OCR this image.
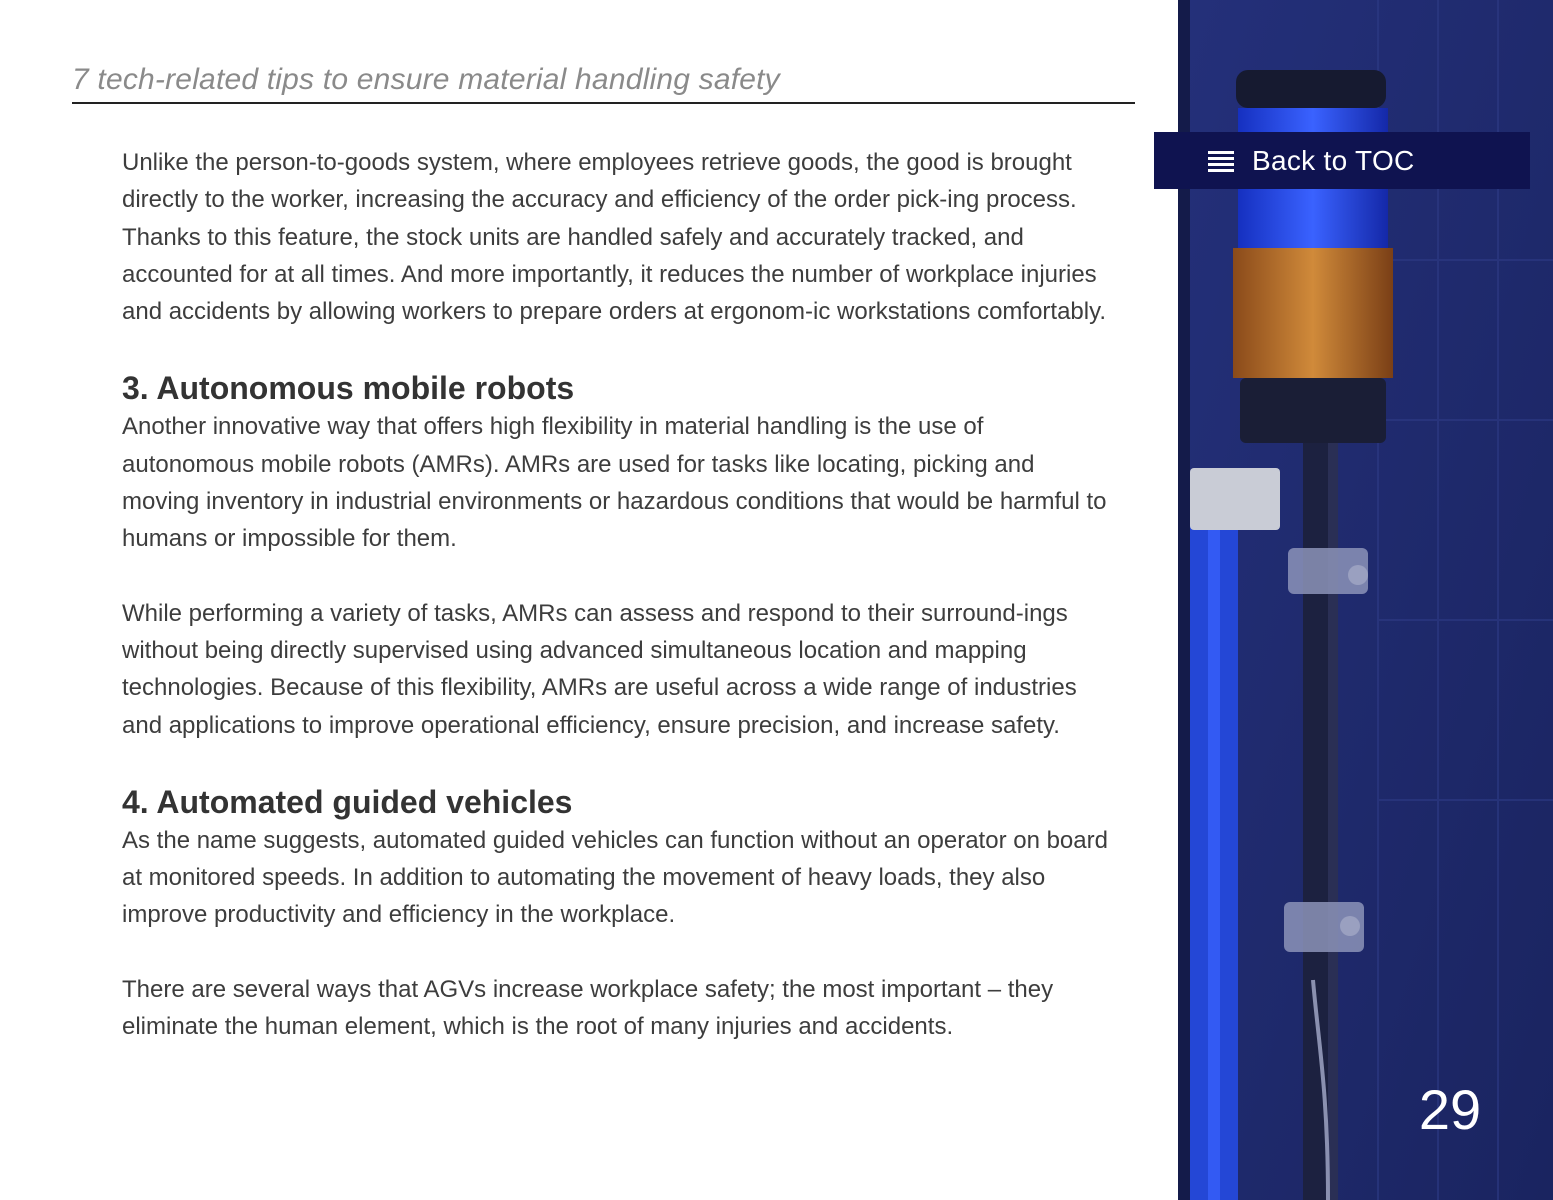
7 tech-related tips to ensure material handling safety

Unlike the person-to-goods system, where employees retrieve goods, the good is brought directly to the worker, increasing the accuracy and efficiency of the order pick-ing process. Thanks to this feature, the stock units are handled safely and accurately tracked, and accounted for at all times. And more importantly, it reduces the number of workplace injuries and accidents by allowing workers to prepare orders at ergonom-ic workstations comfortably.

3. Autonomous mobile robots

Another innovative way that offers high flexibility in material handling is the use of autonomous mobile robots (AMRs). AMRs are used for tasks like locating, picking and moving inventory in industrial environments or hazardous conditions that would be harmful to humans or impossible for them.

While performing a variety of tasks, AMRs can assess and respond to their surround-ings without being directly supervised using advanced simultaneous location and mapping technologies. Because of this flexibility, AMRs are useful across a wide range of industries and applications to improve operational efficiency, ensure precision, and increase safety.

4. Automated guided vehicles

As the name suggests, automated guided vehicles can function without an operator on board at monitored speeds. In addition to automating the movement of heavy loads, they also improve productivity and efficiency in the workplace.

There are several ways that AGVs increase workplace safety; the most important – they eliminate the human element, which is the root of many injuries and accidents.

Back to TOC
29
